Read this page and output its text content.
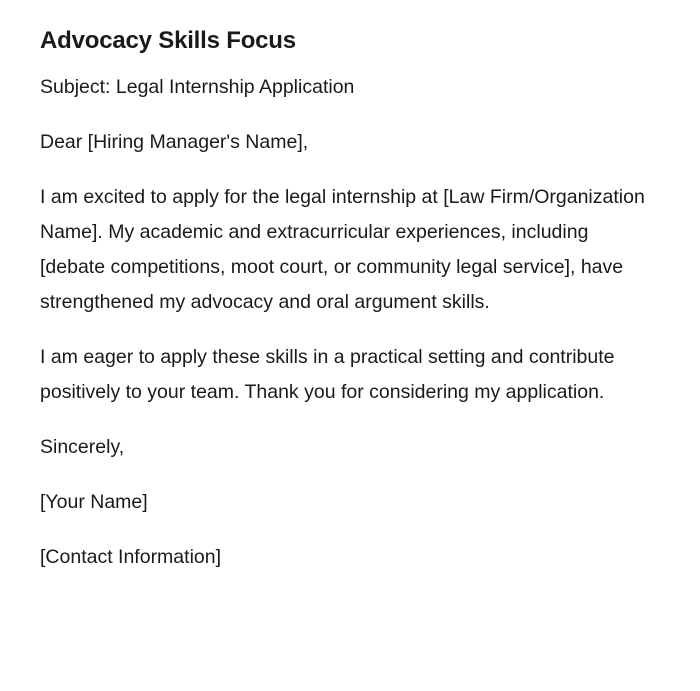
Advocacy Skills Focus

Subject: Legal Internship Application

Dear [Hiring Manager's Name],

I am excited to apply for the legal internship at [Law Firm/Organization Name]. My academic and extracurricular experiences, including [debate competitions, moot court, or community legal service], have strengthened my advocacy and oral argument skills.

I am eager to apply these skills in a practical setting and contribute positively to your team. Thank you for considering my application.

Sincerely,

[Your Name]

[Contact Information]
